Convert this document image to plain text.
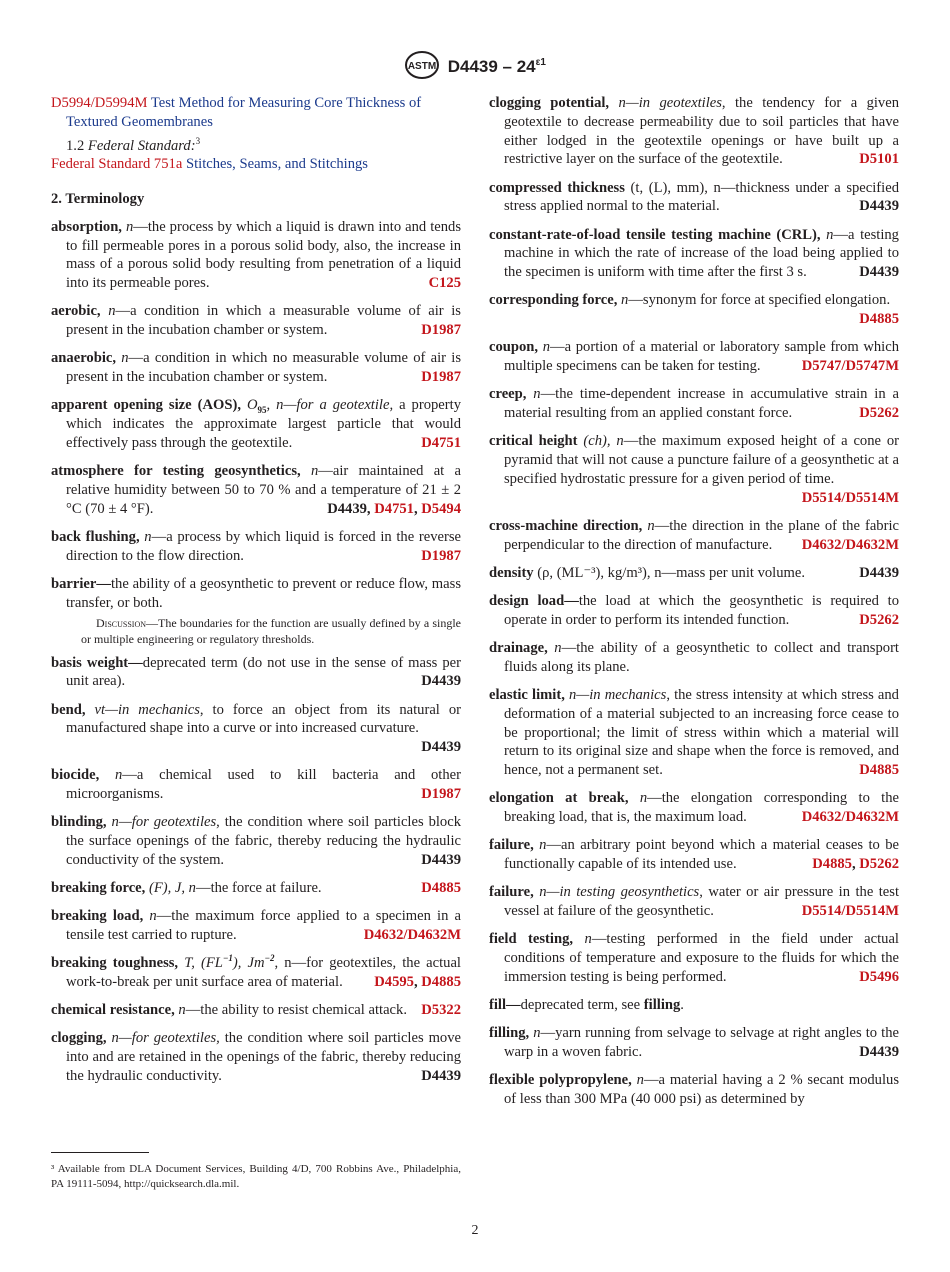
ASTM $D4439 - 24^{\varepsilon 1}$
D5994/D5994M Test Method for Measuring Core Thickness of Textured Geomembranes
1.2 Federal Standard:$^3$
Federal Standard 751a Stitches, Seams, and Stitchings
2. Terminology
absorption, n—the process by which a liquid is drawn into and tends to fill permeable pores in a porous solid body, also, the increase in mass of a porous solid body resulting from penetration of a liquid into its permeable pores.	C125
aerobic, n—a condition in which a measurable volume of air is present in the incubation chamber or system.	D1987
anaerobic, n—a condition in which no measurable volume of air is present in the incubation chamber or system.	D1987
apparent opening size (AOS), $O_{95}$, n—for a geotextile, a property which indicates the approximate largest particle that would effectively pass through the geotextile.	D4751
atmosphere for testing geosynthetics, n—air maintained at a relative humidity between 50 to 70 % and a temperature of 21 ± 2 °C (70 ± 4 °F).	D4439, D4751, D5494
back flushing, n—a process by which liquid is forced in the reverse direction to the flow direction.	D1987
barrier—the ability of a geosynthetic to prevent or reduce flow, mass transfer, or both.
Discussion—The boundaries for the function are usually defined by a single or multiple engineering or regulatory thresholds.
basis weight—deprecated term (do not use in the sense of mass per unit area).	D4439
bend, vt—in mechanics, to force an object from its natural or manufactured shape into a curve or into increased curvature.
D4439
biocide, n—a chemical used to kill bacteria and other microorganisms.	D1987
blinding, n—for geotextiles, the condition where soil particles block the surface openings of the fabric, thereby reducing the hydraulic conductivity of the system.	D4439
breaking force, (F), J, n—the force at failure.	D4885
breaking load, n—the maximum force applied to a specimen in a tensile test carried to rupture.	D4632/D4632M
breaking toughness, T, $(FL^{-1})$, $Jm^{-2}$, n—for geotextiles, the actual work-to-break per unit surface area of material. D4595, D4885
chemical resistance, n—the ability to resist chemical attack. D5322
clogging, n—for geotextiles, the condition where soil particles move into and are retained in the openings of the fabric, thereby reducing the hydraulic conductivity.	D4439
clogging potential, n—in geotextiles, the tendency for a given geotextile to decrease permeability due to soil particles that have either lodged in the geotextile openings or have built up a restrictive layer on the surface of the geotextile.	D5101
compressed thickness (t, (L), mm), n—thickness under a specified stress applied normal to the material.	D4439
constant-rate-of-load tensile testing machine (CRL), n—a testing machine in which the rate of increase of the load being applied to the specimen is uniform with time after the first 3 s.	D4439
corresponding force, n—synonym for force at specified elongation.
D4885
coupon, n—a portion of a material or laboratory sample from which multiple specimens can be taken for testing.	D5747/D5747M
creep, n—the time-dependent increase in accumulative strain in a material resulting from an applied constant force.	D5262
critical height (ch), n—the maximum exposed height of a cone or pyramid that will not cause a puncture failure of a geosynthetic at a specified hydrostatic pressure for a given period of time.
D5514/D5514M
cross-machine direction, n—the direction in the plane of the fabric perpendicular to the direction of manufacture. D4632/D4632M
density (ρ, (ML⁻³), kg/m³), n—mass per unit volume.	D4439
design load—the load at which the geosynthetic is required to operate in order to perform its intended function.	D5262
drainage, n—the ability of a geosynthetic to collect and transport fluids along its plane.
elastic limit, n—in mechanics, the stress intensity at which stress and deformation of a material subjected to an increasing force cease to be proportional; the limit of stress within which a material will return to its original size and shape when the force is removed, and hence, not a permanent set.	D4885
elongation at break, n—the elongation corresponding to the breaking load, that is, the maximum load.	D4632/D4632M
failure, n—an arbitrary point beyond which a material ceases to be functionally capable of its intended use.	D4885, D5262
failure, n—in testing geosynthetics, water or air pressure in the test vessel at failure of the geosynthetic.	D5514/D5514M
field testing, n—testing performed in the field under actual conditions of temperature and exposure to the fluids for which the immersion testing is being performed.	D5496
fill—deprecated term, see filling.
filling, n—yarn running from selvage to selvage at right angles to the warp in a woven fabric.	D4439
flexible polypropylene, n—a material having a 2 % secant modulus of less than 300 MPa (40 000 psi) as determined by
³ Available from DLA Document Services, Building 4/D, 700 Robbins Ave., Philadelphia, PA 19111-5094, http://quicksearch.dla.mil.
2
